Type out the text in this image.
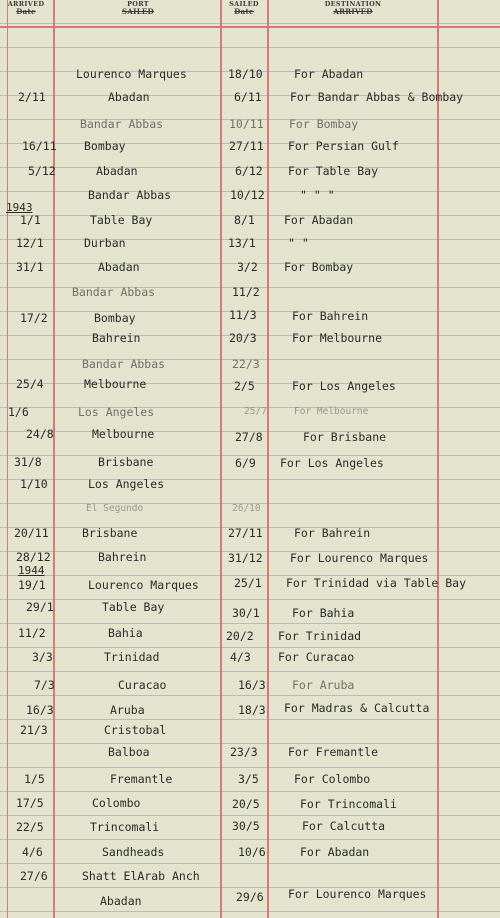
ARRIVED
Date
PORT
SAILED
SAILED
Date
DESTINATION
ARRIVED
1943
1944
Lourenco Marques	18/10	For Abadan
2/11	Abadan	6/11 For Bandar Abbas & Bombay
Bandar Abbas	10/11 For Bombay
16/11 Bombay	27/11 For Persian Gulf
5/12	Abadan	6/12 For Table Bay
Bandar Abbas	10/12	" " "
1/1	Table Bay	8/1	For Abadan
12/1	Durban	13/1	" "
31/1	Abadan	3/2 For Bombay
Bandar Abbas	11/2
17/2	Bombay	11/3	For Bahrein
Bahrein	20/3	For Melbourne
Bandar Abbas	22/3
25/4	Melbourne	2/5	For Los Angeles
1/6	Los Angeles	25/7	For Melbourne
24/8	Melbourne	27/8	For Brisbane
31/8	Brisbane	6/9 For Los Angeles
1/10	Los Angeles
El Segundo	26/10
20/11	Brisbane	27/11	For Bahrein
28/12	Bahrein	31/12 For Lourenco Marques
19/1	Lourenco Marques	25/1 For Trinidad via Table Bay
29/1	Table Bay	30/1	For Bahia
11/2	Bahia	20/2 For Trinidad
3/3	Trinidad	4/3 For Curacao
7/3	Curacao	16/3 For Aruba
16/3	Aruba	18/3 For Madras & Calcutta
21/3	Cristobal
Balboa	23/3	For Fremantle
1/5	Fremantle	3/5	For Colombo
17/5	Colombo	20/5	For Trincomali
22/5	Trincomali	30/5	For Calcutta
4/6	Sandheads	10/6	For Abadan
27/6	Shatt ElArab Anch
Abadan	29/6 For Lourenco Marques
